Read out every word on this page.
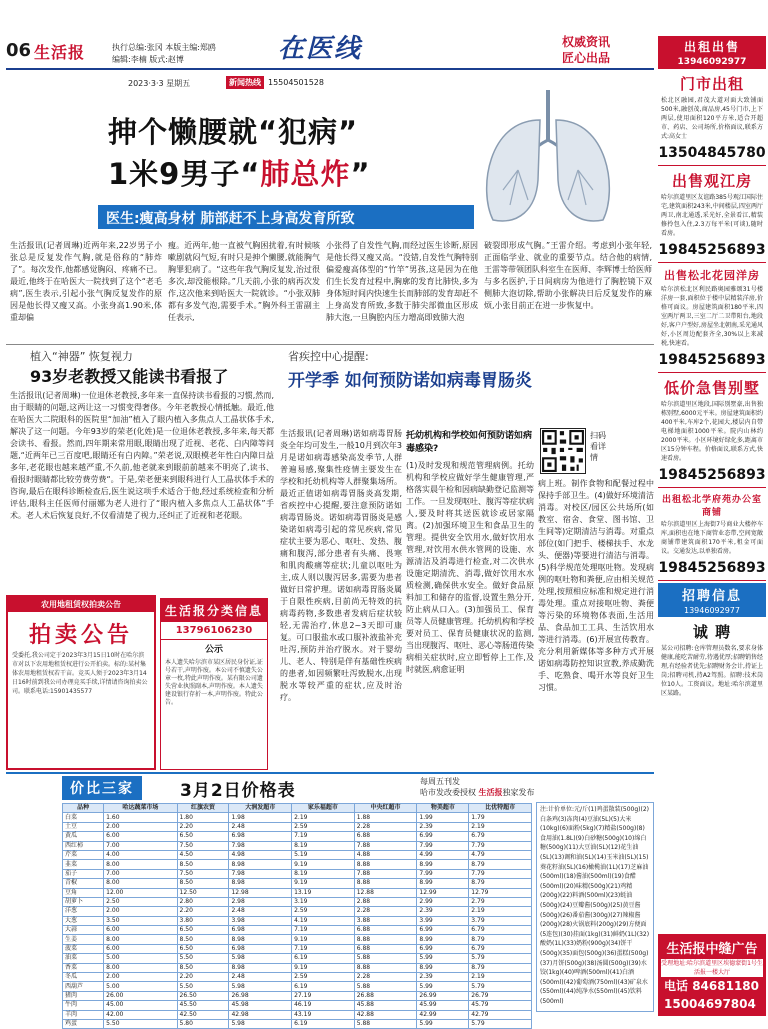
06 生活报	执行总编:张冈 本版主编:郑鸥
编辑:李楠 版式:赵博	在医线	权威资讯
匠心出品
2023·3·3 星期五	新闻热线 15504501528
抻个懒腰就“犯病”
1米9男子“肺总炸”
医生:瘦高身材 肺部赶不上身高发育所致
生活报讯(记者周琳)近两年来,22岁男子小张总是反复发作气胸,就是俗称的“肺炸了”。每次发作,他都感觉胸闷、疼痛不已。最近,他终于在哈医大一院找到了这个“老毛病”,医生表示,引起小张气胸反复发作的原因是他长得又瘦又高。小张身高1.90米,体重却偏
瘦。近两年,他一直被气胸困扰着,有时候咳嗽剧就闷气短,有时只是抻个懒腰,就能胸气胸罪犯病了。“这些年我气胸反复发,治过很多次,却没能根除。”几天前,小张的病再次发作,这次他来到哈医大一院就诊。“小张双肺都有多发气泡,需要手术。”胸外科王雷副主任表示,
小张得了自发性气胸,而经过医生诊断,原因是他长得又瘦又高。“没错,自发性气胸特别偏爱瘦高体型的“竹竿”男孩,这是因为在他们生长发育过程中,胸廓的发育比肺快,多为身体短时间内快速生长而肺部的发育却赶不上身高发育所致,多数于肺尖部微血区形成肺大泡,一旦胸腔内压力增高即致肺大泡
破裂即形成气胸。”王雷介绍。考虑到小张年轻,正面临学业、就业的重要节点。结合他的病情,王雷等带领团队科室生在医师、李辉博士给医师与多名医护,于日间病房为他进行了胸腔镜下双侧肺大泡切除,帮助小张解决日后反复发作的麻烦,小张目前正在进一步恢复中。
植入“神器” 恢复视力
93岁老教授又能读书看报了
生活报讯(记者周琳)一位退休老教授,多年来一直保持读书看报的习惯,然而,由于眼睛的问题,这两让这一习惯变得奢侈。今年老教授心情抵触。最近,他在哈医大二院眼科的医院里“加油”植入了眼内植入多焦点人工晶状体手术,解决了这一问题。今年93岁的荣老(化姓)是一位退休老教授,多年来,每天都会读书、看报。然而,四年期来常用眼,眼睛出现了近视、老花、白内障等问题,“近两年已三百度吧,眼睛还有白内障。”荣老说,双眼模老年性白内障日益多年,老花眼也越来越严重,不久前,他老就来到眼前前越来不明亮了,读书、看报时眼睛都比较劳费劳费“。于是,荣老便来到眼科进行人工晶状体手术的咨询,最后在眼科诊断检查后,医生说这项手术适合于他,经过系统检查和分析评估,眼科主任医师付丽娜为老人进行了“眼内植入多焦点人工晶状体”手术。老人术后恢复良好,不仅看清楚了视力,还纠正了近视和老花眼。
省疾控中心提醒:
开学季 如何预防诺如病毒胃肠炎
生活报讯(记者周琳)诺如病毒胃肠炎全年均可发生,一般10月到次年3月是诺如病毒感染高发季节,人群普遍易感,聚集性疫情主要发生在学校和托幼机构等人群聚集场所。最近正值诺如病毒胃肠炎高发期,省疾控中心提醒,要注意预防诺如病毒胃肠炎。诺如病毒胃肠炎是感染诺如病毒引起的常见疾病,常见症状主要为恶心、呕吐、发热、腹痛和腹泻,部分患者有头痛、畏寒和肌肉酸痛等症状;儿童以呕吐为主,成人则以腹泻居多,需要为患者做好日常护理。诺如病毒胃肠炎属于自限性疾病,目前尚无特效的抗病毒药物,多数患者发病后症状较轻,无需治疗,休息2~3天即可康复。可口服盐水或口服补液盐补充吐泻,预防并治疗脱水。对于婴幼儿、老人、特别是伴有基础性疾病的患者,如因频繁吐泻致脱水,出现脱水等较严重的症状,应及时治疗。
托幼机构和学校如何预防诺如病毒感染?
(1)及时发现和规范管理病例。托幼机构和学校应做好学生健康管理,严格落实晨午检和因病缺勤登记监测等工作。一旦发现呕吐、腹泻等症状病人,要及时将其送医就诊或居家隔离。(2)加强环境卫生和食品卫生的管理。提供安全饮用水,做好饮用水管理,对饮用水供水管网的设施、水源清洁及消毒进行检查,对二次供水设施定期清洗、消毒,做好饮用水水质检测,确保供水安全。做好食品原料加工和储存的监督,设置生熟分开,防止病从口入。(3)加强员工、保育员等人员健康管理。托幼机构和学校要对员工、保育员健康状况的监测,当出现腹泻、呕吐、恶心等肠道传染病相关症状时,应立即暂停上工作,及时就医,病愈证明
扫码看详情
病上班。制作食物和配餐过程中保持手部卫生。(4)做好环境清洁消毒。对校区/园区公共场所(如教室、宿舍、食堂、图书馆、卫生间等)定期清洁与消毒。对重点部位(如门把手、楼梯扶手、水龙头、便器)等要进行清洁与消毒。(5)科学规范处理呕吐物。发现病例的呕吐物和粪便,应由相关规范处理,按照相应标准和规定进行消毒处理。重点对接呕吐物、粪便等污染的环境物体表面,生活用品、食品加工工具、生活饮用水等进行消毒。(6)开展宣传教育。充分利用新媒体等多种方式开展诺如病毒防控知识宣教,养成勤洗手、吃熟食、喝开水等良好卫生习惯。
农用地租赁权拍卖公告
拍卖公告
受委托,我公司定于2023年3月15日10时在哈尔滨市对以下农用地租赁权进行公开拍卖。标的:某村集体农用地租赁权若干亩。竞买人须于2023年3月14日16时前到我公司办理竞买手续,详情请咨询拍卖公司。联系电话:15901435577
生活报分类信息
13796106230
公示
本人遗失哈尔滨市某区居民身份证,证号若干,声明作废。本公司不慎遗失公章一枚,特此声明作废。某有限公司遗失营业执照副本,声明作废。本人遗失建设银行存折一本,声明作废。特此公告。
价比三家	3月2日价格表	每周五刊发
哈市发改委授权 生活报独家发布
品种	哈达蔬菜市场	红旗农贸	大润发超市	家乐福超市	中央红超市	物美超市	比优特超市
白菜	1.60	1.80	1.98	2.19	1.88	1.99	1.79
土豆	2.00	2.20	2.48	2.59	2.28	2.39	2.19
黄瓜	6.00	6.50	6.98	7.19	6.88	6.99	6.79
西红柿	7.00	7.50	7.98	8.19	7.88	7.99	7.79
芹菜	4.00	4.50	4.98	5.19	4.88	4.99	4.79
韭菜	8.00	8.50	8.98	9.19	8.88	8.99	8.79
茄子	7.00	7.50	7.98	8.19	7.88	7.99	7.79
青椒	8.00	8.50	8.98	9.19	8.88	8.99	8.79
豆角	12.00	12.50	12.98	13.19	12.88	12.99	12.79
胡萝卜	2.50	2.80	2.98	3.19	2.88	2.99	2.79
洋葱	2.00	2.20	2.48	2.59	2.28	2.39	2.19
大葱	3.50	3.80	3.98	4.19	3.88	3.99	3.79
大蒜	6.00	6.50	6.98	7.19	6.88	6.99	6.79
生姜	8.00	8.50	8.98	9.19	8.88	8.99	8.79
菠菜	6.00	6.50	6.98	7.19	6.88	6.99	6.79
油菜	5.00	5.50	5.98	6.19	5.88	5.99	5.79
香菜	8.00	8.50	8.98	9.19	8.88	8.99	8.79
冬瓜	2.00	2.20	2.48	2.59	2.28	2.39	2.19
西葫芦	5.00	5.50	5.98	6.19	5.88	5.99	5.79
猪肉	26.00	26.50	26.98	27.19	26.88	26.99	26.79
牛肉	45.00	45.50	45.98	46.19	45.88	45.99	45.79
羊肉	42.00	42.50	42.98	43.19	42.88	42.99	42.79
鸡蛋	5.50	5.80	5.98	6.19	5.88	5.99	5.79
注:计价单位:元/斤(1)鸡蛋散装(500g)(2)白条鸡(3)冻肉(4)豆油(5L)(5)大米(10kg)(6)面粉(5kg)(7)精盐(500g)(8)食用油(1.8L)(9)白砂糖(500g)(10)绵白糖(500g)(11)大豆油(5L)(12)花生油(5L)(13)调和油(5L)(14)玉米油(5L)(15)葵花籽油(5L)(16)橄榄油(1L)(17)芝麻油(500ml)(18)酱油(500ml)(19)食醋(500ml)(20)味精(500g)(21)鸡精(200g)(22)料酒(500ml)(23)蚝油(500g)(24)豆瓣酱(500g)(25)黄豆酱(500g)(26)番茄酱(300g)(27)辣椒酱(200g)(28)火锅底料(200g)(29)方便面(5连包)(30)挂面(1kg)(31)鲜奶(1L)(32)酸奶(1L)(33)奶粉(900g)(34)饼干(500g)(35)面包(500g)(36)蛋糕(500g)(37)月饼(500g)(38)汤圆(500g)(39)水饺(1kg)(40)啤酒(500ml)(41)白酒(500ml)(42)葡萄酒(750ml)(43)矿泉水(550ml)(44)纯净水(550ml)(45)饮料(500ml)
出租出售
13946092977
门市出租
松北区融园,君茂大道对面大致铺面500米,融创茂,商品房,45号门市,上下两层,使用面积120平方米,适合开超市、药店、公司场所,价格面议,联系方式:高女士
13504845780
出售观江房
哈尔滨道里区友谊路385号观江国际住宅,建筑面积243米,中间楼层,四室两厅两卫,南北通透,采光好,全景看江,精装修拎包入住,2.3万每平米(可谈),随时看房。
19845256893
出售松北花园洋房
哈尔滨松北区利民路奥园雅颂31号楼洋房一套,面积位于楼中层精装洋房,价格可面议。房屋建筑面积180平米,四室两厅两卫,三室二厅二卫带阳台,地段好,客户户型好,房屋坐北朝南,采光通风好,小区周边配套齐全,30%以上来减税,快速看。
19845256893
低价急售别墅
哈尔滨道里区地段,国际别墅豪,出售独栋别墅,6000元平米。房屋建筑面积约400平米,车库2个,花园大,楼层内自带电梯地面积1000平米。院内山林约2000平米。小区环境好绿化多,距离市区15分钟车程。价格面议,联系方式,快速看房。
19845256893
出租松北学府苑办公室商铺
哈尔滨道里区上海街7号商业大楼停车库,面积也在地下商管业态带,空间宽敞商铺带建筑面积170平米,租金可面议。交通发达,以单独看房。
19845256893
招聘信息
13946092977
诚 聘
某公司招聘:仓库管理员数名,要求身体健康,能吃苦耐劳,待遇优厚;招聘销售经理,有经验者优先;招聘财务会计,持证上岗;招聘司机,持A2驾照。招聘:技术岗位10人。工资面议。地址:哈尔滨道里区某路。
生活报中缝广告
受理地址:哈尔滨道里区埃德蒙街1号生活报一楼大厅
电话 84681180
15004697804
